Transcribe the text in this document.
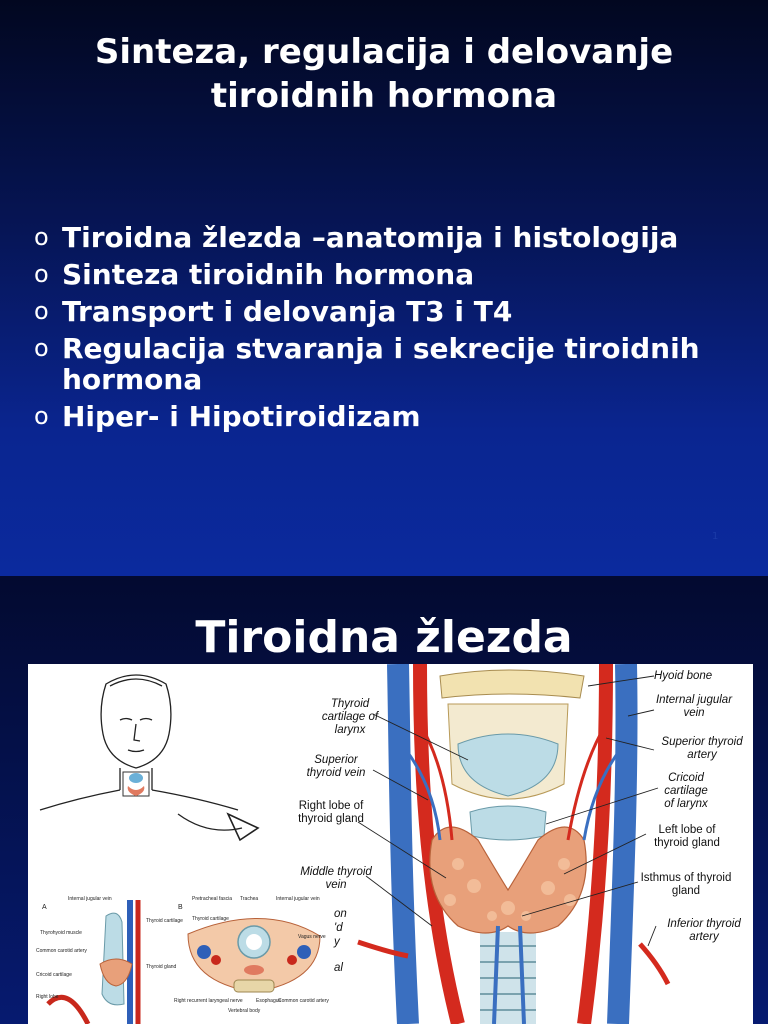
Sinteza, regulacija i delovanje
tiroidnih hormona
o Tiroidna žlezda –anatomija i histologija
o Sinteza tiroidnih hormona
o Transport i delovanja T3 i T4
o Regulacija stvaranja i sekrecije tiroidnih hormona
o Hiper- i Hipotiroidizam
1
Tiroidna žlezda
Thyroid cartilage of larynx
Superior thyroid vein
Right lobe of thyroid gland
Middle thyroid vein
on
'd
y
al
Hyoid bone
Internal jugular vein
Superior thyroid artery
Cricoid cartilage of larynx
Left lobe of thyroid gland
Isthmus of thyroid gland
Inferior thyroid artery
A
Internal jugular vein
Thyrohyoid muscle
Common carotid artery
Cricoid cartilage
Right lobe
Thyroid cartilage
Thyroid gland
B
Pretracheal fascia Trachea	Internal jugular vein
Thyroid cartilage
Vagus nerve
Right recurrent laryngeal nerve
Vertebral body
Esophagus
Common carotid artery
